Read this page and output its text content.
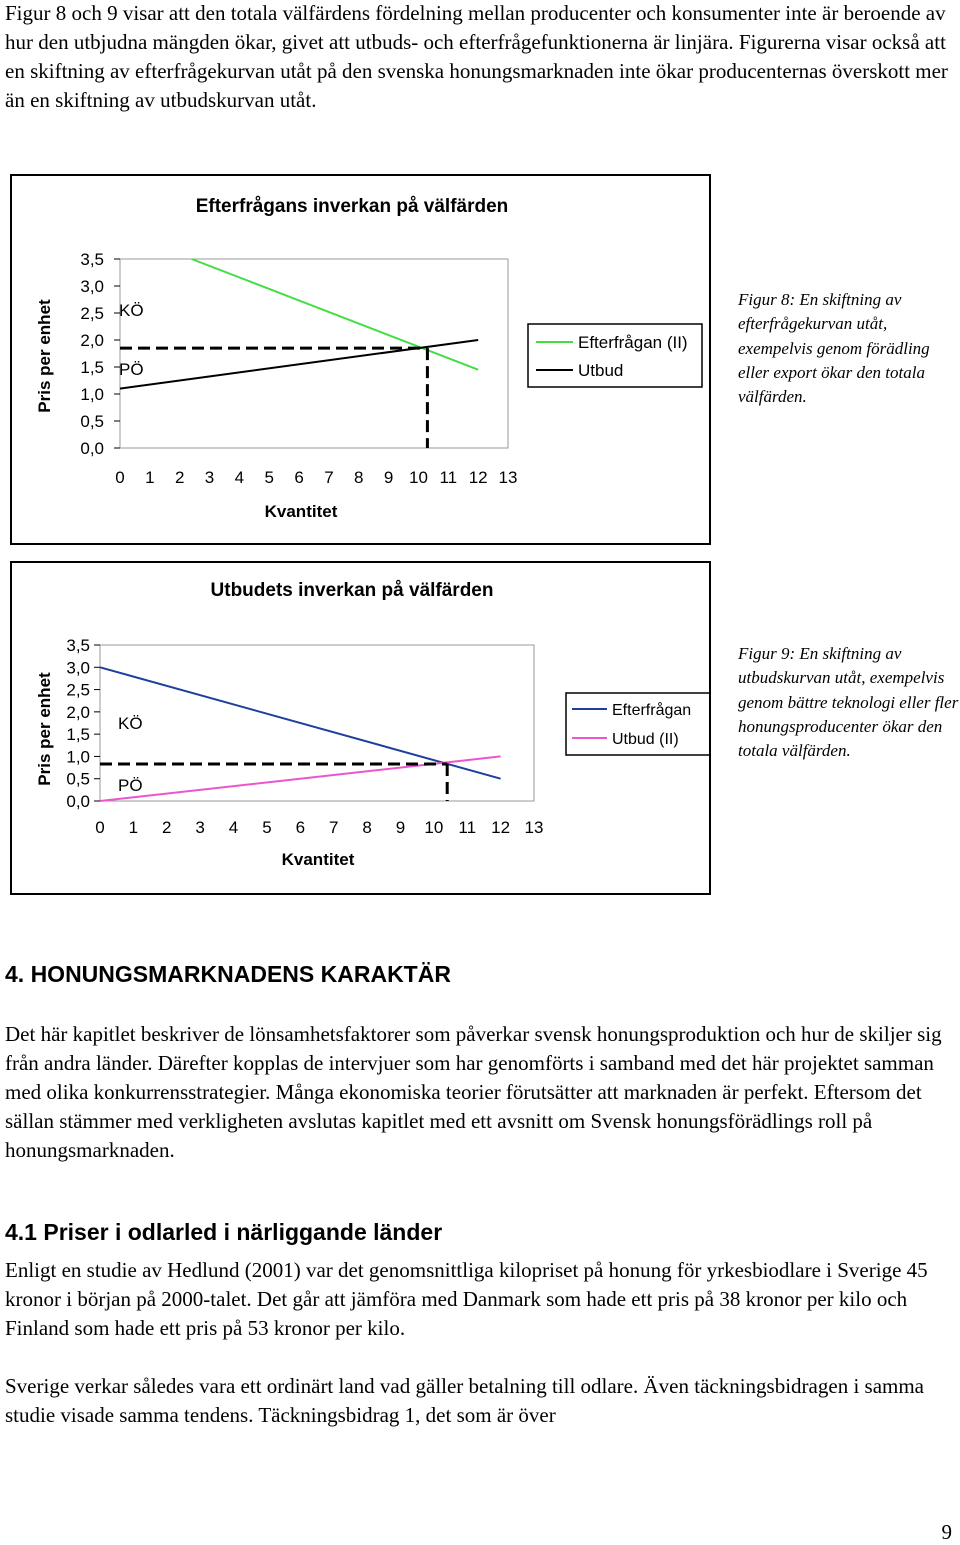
Figur 8 och 9 visar att den totala välfärdens fördelning mellan producenter och konsumenter inte är beroende av hur den utbjudna mängden ökar, givet att utbuds- och efterfrågefunktionerna är linjära. Figurerna visar också att en skiftning av efterfrågekurvan utåt på den svenska honungsmarknaden inte ökar producenternas överskott mer än en skiftning av utbudskurvan utåt.

Efterfrågans inverkan på välfärden
Pris per enhet
Kvantitet
KÖ
PÖ
0,0
0,5
1,0
1,5
2,0
2,5
3,0
3,5
0 1 2 3 4 5 6 7 8 9 10 11 12 13
Efterfrågan (II)
Utbud

Figur 8: En skiftning av efterfrågekurvan utåt, exempelvis genom förädling eller export ökar den totala välfärden.

Utbudets inverkan på välfärden
Pris per enhet
Kvantitet
KÖ
PÖ
0,0
0,5
1,0
1,5
2,0
2,5
3,0
3,5
0 1 2 3 4 5 6 7 8 9 10 11 12 13
Efterfrågan
Utbud (II)

Figur 9: En skiftning av utbudskurvan utåt, exempelvis genom bättre teknologi eller fler honungsproducenter ökar den totala välfärden.

4. HONUNGSMARKNADENS KARAKTÄR

Det här kapitlet beskriver de lönsamhetsfaktorer som påverkar svensk honungsproduktion och hur de skiljer sig från andra länder. Därefter kopplas de intervjuer som har genomförts i samband med det här projektet samman med olika konkurrensstrategier. Många ekonomiska teorier förutsätter att marknaden är perfekt. Eftersom det sällan stämmer med verkligheten avslutas kapitlet med ett avsnitt om Svensk honungsförädlings roll på honungsmarknaden.

4.1 Priser i odlarled i närliggande länder

Enligt en studie av Hedlund (2001) var det genomsnittliga kilopriset på honung för yrkesbiodlare i Sverige 45 kronor i början på 2000-talet. Det går att jämföra med Danmark som hade ett pris på 38 kronor per kilo och Finland som hade ett pris på 53 kronor per kilo.

Sverige verkar således vara ett ordinärt land vad gäller betalning till odlare. Även täckningsbidragen i samma studie visade samma tendens. Täckningsbidrag 1, det som är över

9
